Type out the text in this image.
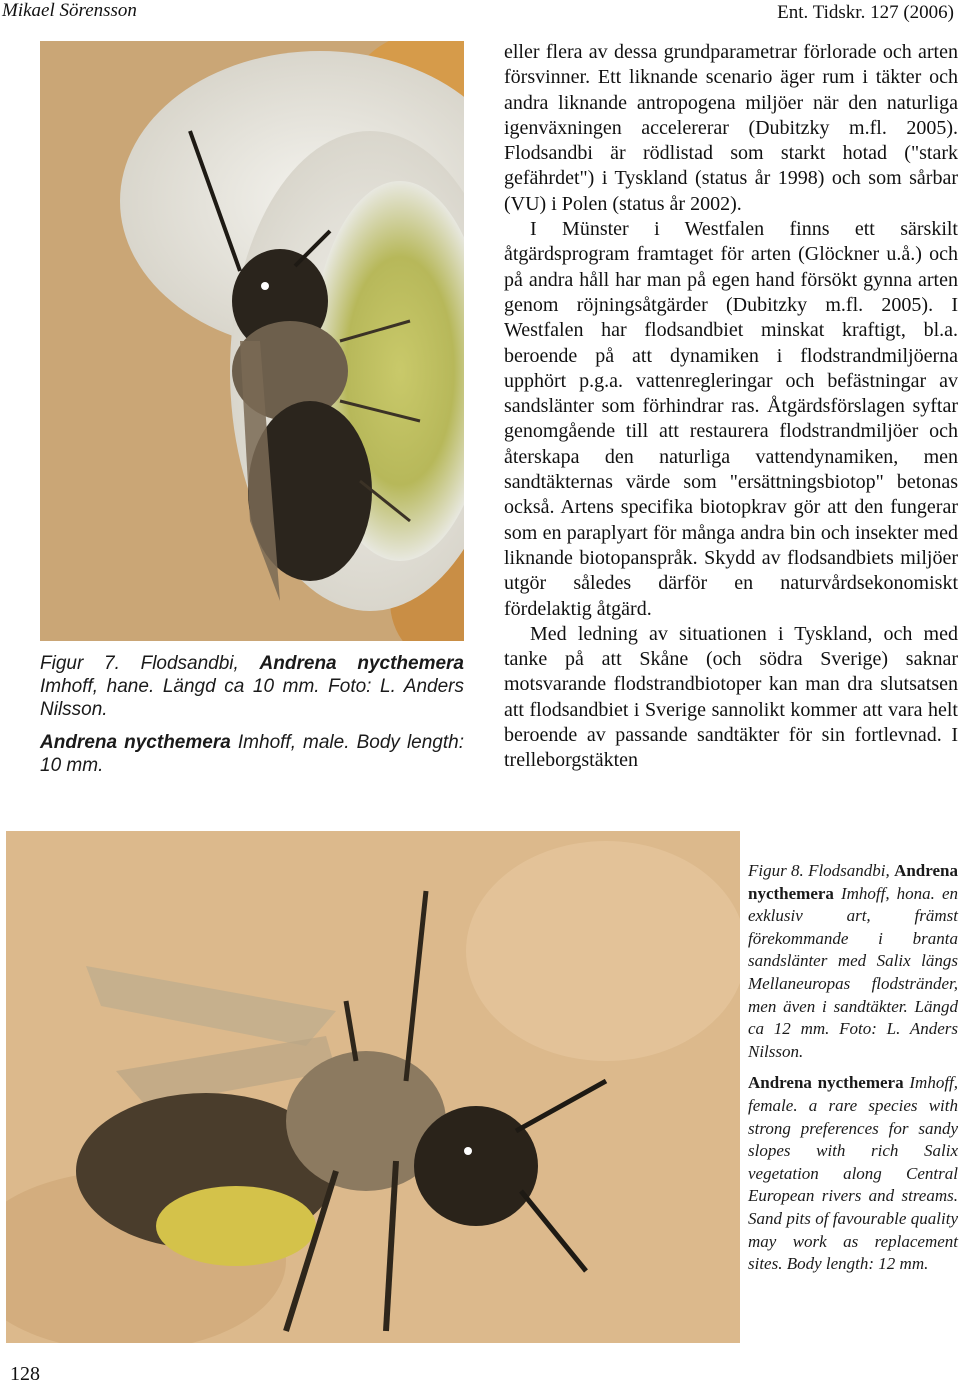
Mikael Sörensson	Ent. Tidskr. 127 (2006)

Figur 7. Flodsandbi, Andrena nycthemera Imhoff, hane. Längd ca 10 mm. Foto: L. Anders Nilsson.

Andrena nycthemera Imhoff, male. Body length: 10 mm.

eller flera av dessa grundparametrar förlorade och arten försvinner. Ett liknande scenario äger rum i täkter och andra liknande antropogena miljöer när den naturliga igenväxningen accelererar (Dubitzky m.fl. 2005). Flodsandbi är rödlistad som starkt hotad ("stark gefährdet") i Tyskland (status år 1998) och som sårbar (VU) i Polen (status år 2002).

I Münster i Westfalen finns ett särskilt åtgärdsprogram framtaget för arten (Glöckner u.å.) och på andra håll har man på egen hand försökt gynna arten genom röjningsåtgärder (Dubitzky m.fl. 2005). I Westfalen har flodsandbiet minskat kraftigt, bl.a. beroende på att dynamiken i flodstrandmiljöerna upphört p.g.a. vattenregleringar och befästningar av sandslänter som förhindrar ras. Åtgärdsförslagen syftar genomgående till att restaurera flodstrandmiljöer och återskapa den naturliga vattendynamiken, men sandtäkternas värde som "ersättningsbiotop" betonas också. Artens specifika biotopkrav gör att den fungerar som en paraplyart för många andra bin och insekter med liknande biotopanspråk. Skydd av flodsandbiets miljöer utgör således därför en naturvårdsekonomiskt fördelaktig åtgärd.

Med ledning av situationen i Tyskland, och med tanke på att Skåne (och södra Sverige) saknar motsvarande flodstrandbiotoper kan man dra slutsatsen att flodsandbiet i Sverige sannolikt kommer att vara helt beroende av passande sandtäkter för sin fortlevnad. I trelleborgstäkten

Figur 8. Flodsandbi, Andrena nycthemera Imhoff, hona. en exklusiv art, främst förekommande i branta sandslänter med Salix längs Mellaneuropas flodstränder, men även i sandtäkter. Längd ca 12 mm. Foto: L. Anders Nilsson.

Andrena nycthemera Imhoff, female. a rare species with strong preferences for sandy slopes with rich Salix vegetation along Central European rivers and streams. Sand pits of favourable quality may work as replacement sites. Body length: 12 mm.

128
